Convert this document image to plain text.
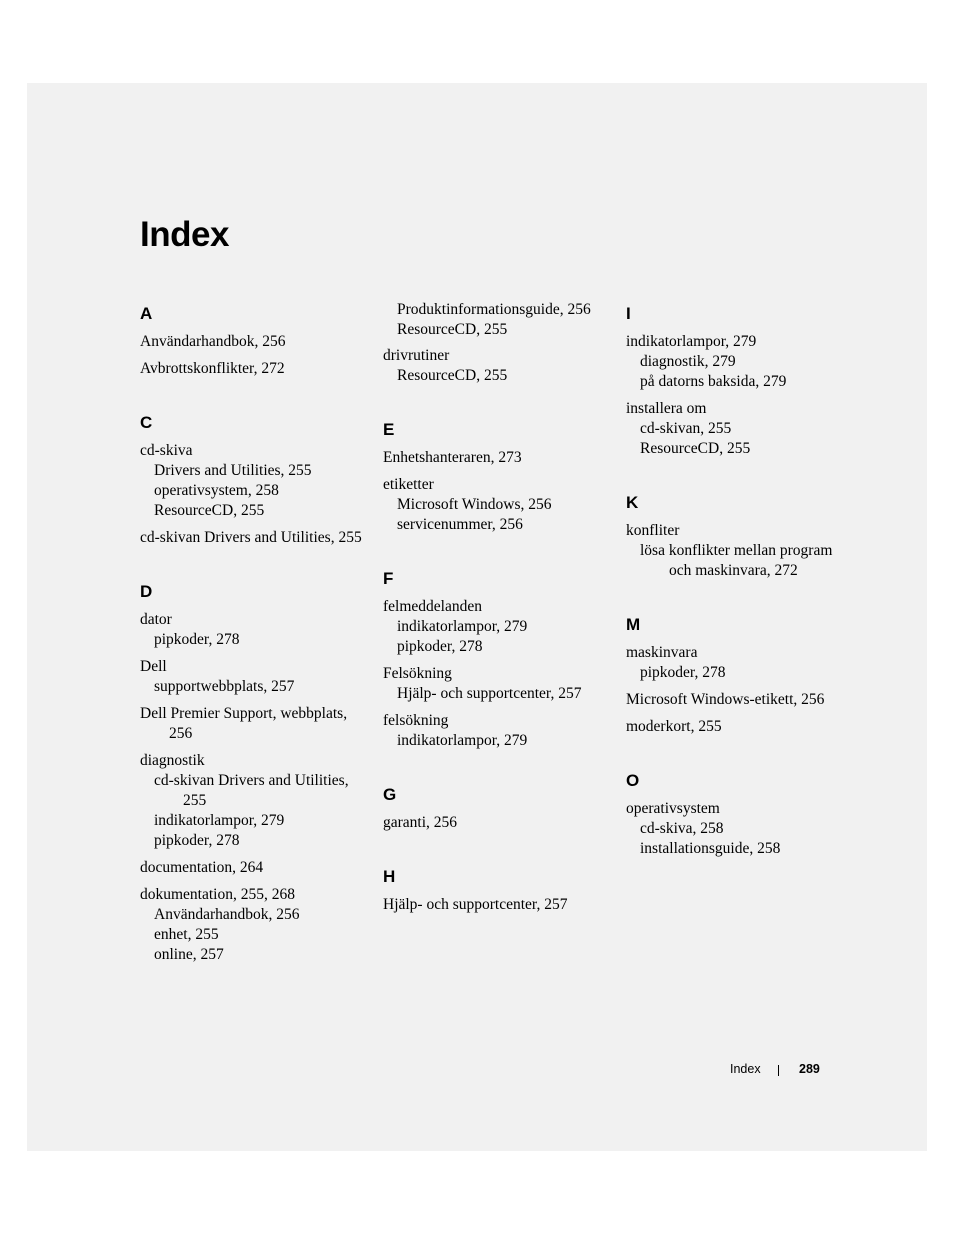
Index
A
Användarhandbok, 256
Avbrottskonflikter, 272
C
cd-skiva
Drivers and Utilities, 255
operativsystem, 258
ResourceCD, 255
cd-skivan Drivers and Utilities, 255
D
dator
pipkoder, 278
Dell
supportwebbplats, 257
Dell Premier Support, webbplats, 256
diagnostik
cd-skivan Drivers and Utilities, 255
indikatorlampor, 279
pipkoder, 278
documentation, 264
dokumentation, 255, 268
Användarhandbok, 256
enhet, 255
online, 257
Produktinformationsguide, 256
ResourceCD, 255
drivrutiner
ResourceCD, 255
E
Enhetshanteraren, 273
etiketter
Microsoft Windows, 256
servicenummer, 256
F
felmeddelanden
indikatorlampor, 279
pipkoder, 278
Felsökning
Hjälp- och supportcenter, 257
felsökning
indikatorlampor, 279
G
garanti, 256
H
Hjälp- och supportcenter, 257
I
indikatorlampor, 279
diagnostik, 279
på datorns baksida, 279
installera om
cd-skivan, 255
ResourceCD, 255
K
konfliter
lösa konflikter mellan program och maskinvara, 272
M
maskinvara
pipkoder, 278
Microsoft Windows-etikett, 256
moderkort, 255
O
operativsystem
cd-skiva, 258
installationsguide, 258
Index	289
